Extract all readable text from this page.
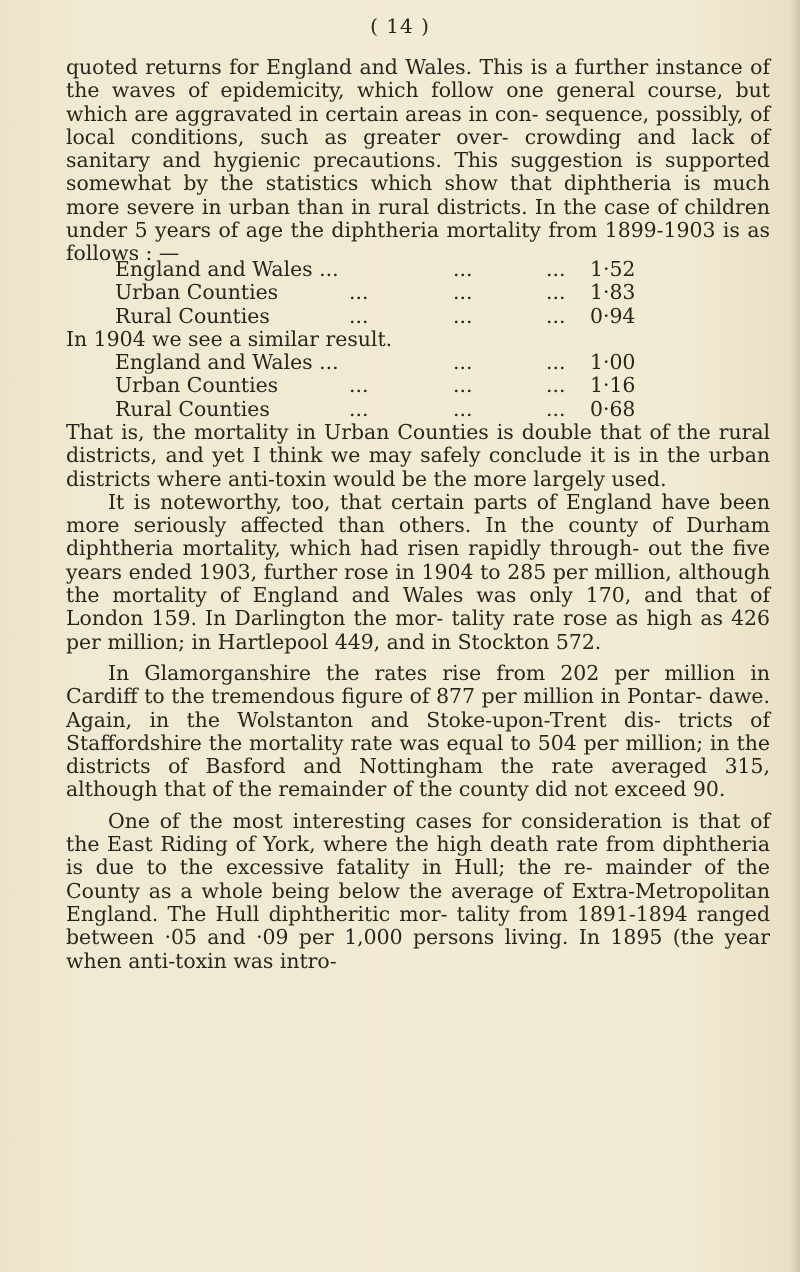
( 14 )

quoted returns for England and Wales. This is a further instance of the waves of epidemicity, which follow one general course, but which are aggravated in certain areas in con- sequence, possibly, of local conditions, such as greater over- crowding and lack of sanitary and hygienic precautions. This suggestion is supported somewhat by the statistics which show that diphtheria is much more severe in urban than in rural districts. In the case of children under 5 years of age the diphtheria mortality from 1899-1903 is as follows : —

England and Wales ...	...	... 1·52
Urban Counties	...	...	... 1·83
Rural Counties	...	...	... 0·94
In 1904 we see a similar result.
England and Wales ...	...	... 1·00
Urban Counties	...	...	... 1·16
Rural Counties	...	...	... 0·68

That is, the mortality in Urban Counties is double that of the rural districts, and yet I think we may safely conclude it is in the urban districts where anti-toxin would be the more largely used.

It is noteworthy, too, that certain parts of England have been more seriously affected than others. In the county of Durham diphtheria mortality, which had risen rapidly through- out the five years ended 1903, further rose in 1904 to 285 per million, although the mortality of England and Wales was only 170, and that of London 159. In Darlington the mor- tality rate rose as high as 426 per million; in Hartlepool 449, and in Stockton 572.

In Glamorganshire the rates rise from 202 per million in Cardiff to the tremendous figure of 877 per million in Pontar- dawe. Again, in the Wolstanton and Stoke-upon-Trent dis- tricts of Staffordshire the mortality rate was equal to 504 per million; in the districts of Basford and Nottingham the rate averaged 315, although that of the remainder of the county did not exceed 90.

One of the most interesting cases for consideration is that of the East Riding of York, where the high death rate from diphtheria is due to the excessive fatality in Hull; the re- mainder of the County as a whole being below the average of Extra-Metropolitan England. The Hull diphtheritic mor- tality from 1891-1894 ranged between ·05 and ·09 per 1,000 persons living. In 1895 (the year when anti-toxin was intro-
